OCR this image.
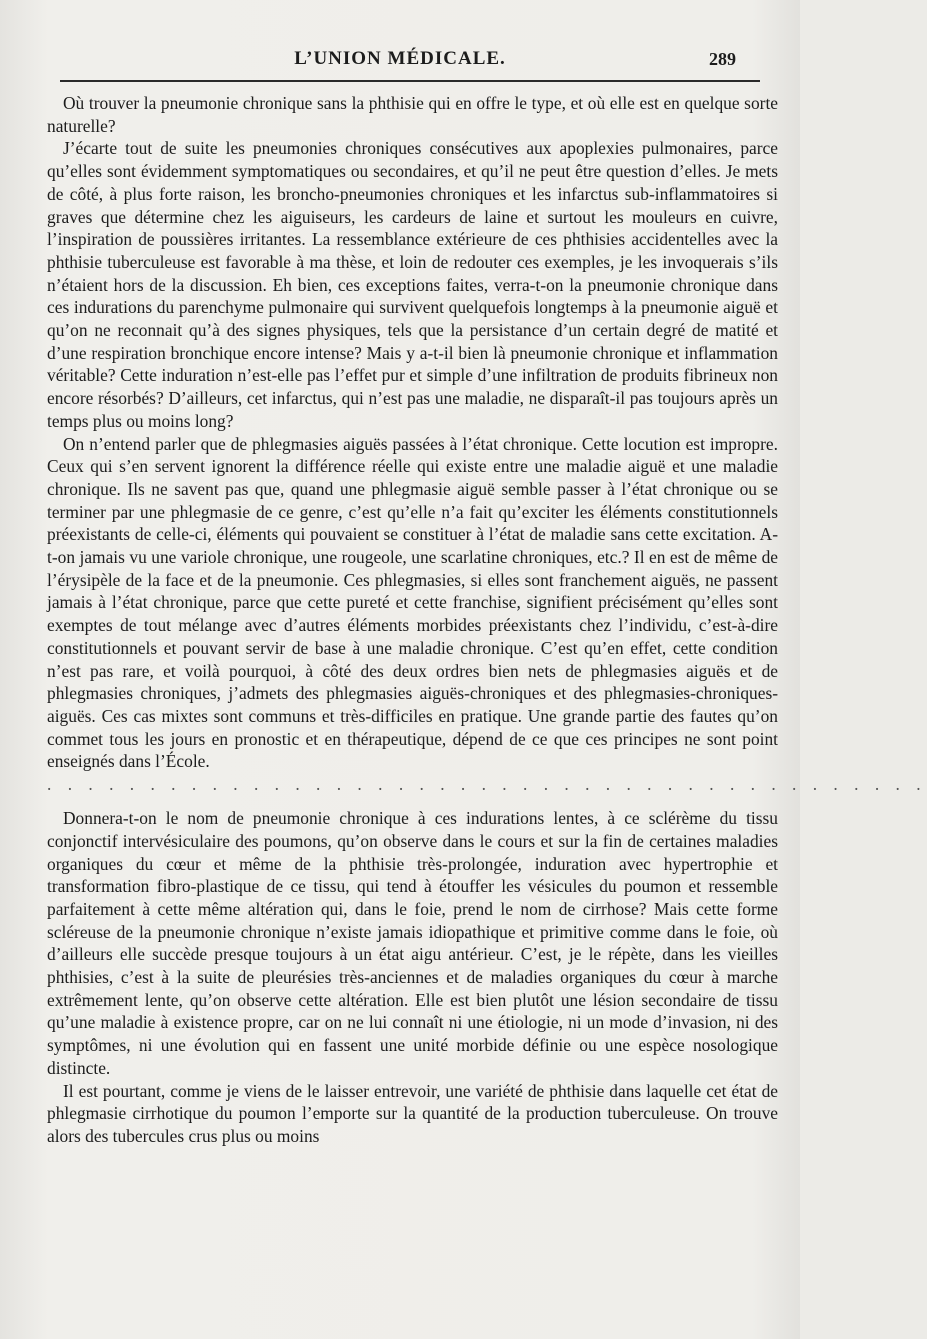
L’UNION MÉDICALE.	289

Où trouver la pneumonie chronique sans la phthisie qui en offre le type, et où elle est en quelque sorte naturelle?

J’écarte tout de suite les pneumonies chroniques consécutives aux apoplexies pulmonaires, parce qu’elles sont évidemment symptomatiques ou secondaires, et qu’il ne peut être question d’elles. Je mets de côté, à plus forte raison, les broncho-pneumonies chroniques et les infarctus sub-inflammatoires si graves que détermine chez les aiguiseurs, les cardeurs de laine et surtout les mouleurs en cuivre, l’inspiration de poussières irritantes. La ressemblance extérieure de ces phthisies accidentelles avec la phthisie tuberculeuse est favorable à ma thèse, et loin de redouter ces exemples, je les invoquerais s’ils n’étaient hors de la discussion. Eh bien, ces exceptions faites, verra-t-on la pneumonie chronique dans ces indurations du parenchyme pulmonaire qui survivent quelquefois longtemps à la pneumonie aiguë et qu’on ne reconnait qu’à des signes physiques, tels que la persistance d’un certain degré de matité et d’une respiration bronchique encore intense? Mais y a-t-il bien là pneumonie chronique et inflammation véritable? Cette induration n’est-elle pas l’effet pur et simple d’une infiltration de produits fibrineux non encore résorbés? D’ailleurs, cet infarctus, qui n’est pas une maladie, ne disparaît-il pas toujours après un temps plus ou moins long?

On n’entend parler que de phlegmasies aiguës passées à l’état chronique. Cette locution est impropre. Ceux qui s’en servent ignorent la différence réelle qui existe entre une maladie aiguë et une maladie chronique. Ils ne savent pas que, quand une phlegmasie aiguë semble passer à l’état chronique ou se terminer par une phlegmasie de ce genre, c’est qu’elle n’a fait qu’exciter les éléments constitutionnels préexistants de celle-ci, éléments qui pouvaient se constituer à l’état de maladie sans cette excitation. A-t-on jamais vu une variole chronique, une rougeole, une scarlatine chroniques, etc.? Il en est de même de l’érysipèle de la face et de la pneumonie. Ces phlegmasies, si elles sont franchement aiguës, ne passent jamais à l’état chronique, parce que cette pureté et cette franchise, signifient précisément qu’elles sont exemptes de tout mélange avec d’autres éléments morbides préexistants chez l’individu, c’est-à-dire constitutionnels et pouvant servir de base à une maladie chronique. C’est qu’en effet, cette condition n’est pas rare, et voilà pourquoi, à côté des deux ordres bien nets de phlegmasies aiguës et de phlegmasies chroniques, j’admets des phlegmasies aiguës-chroniques et des phlegmasies-chroniques-aiguës. Ces cas mixtes sont communs et très-difficiles en pratique. Une grande partie des fautes qu’on commet tous les jours en pronostic et en thérapeutique, dépend de ce que ces principes ne sont point enseignés dans l’École.

. . . . . . . . . . . . . . . . . . . . . . . . . . . . . . . . . . . . . . . . . . .

Donnera-t-on le nom de pneumonie chronique à ces indurations lentes, à ce sclérème du tissu conjonctif intervésiculaire des poumons, qu’on observe dans le cours et sur la fin de certaines maladies organiques du cœur et même de la phthisie très-prolongée, induration avec hypertrophie et transformation fibro-plastique de ce tissu, qui tend à étouffer les vésicules du poumon et ressemble parfaitement à cette même altération qui, dans le foie, prend le nom de cirrhose? Mais cette forme scléreuse de la pneumonie chronique n’existe jamais idiopathique et primitive comme dans le foie, où d’ailleurs elle succède presque toujours à un état aigu antérieur. C’est, je le répète, dans les vieilles phthisies, c’est à la suite de pleurésies très-anciennes et de maladies organiques du cœur à marche extrêmement lente, qu’on observe cette altération. Elle est bien plutôt une lésion secondaire de tissu qu’une maladie à existence propre, car on ne lui connaît ni une étiologie, ni un mode d’invasion, ni des symptômes, ni une évolution qui en fassent une unité morbide définie ou une espèce nosologique distincte.

Il est pourtant, comme je viens de le laisser entrevoir, une variété de phthisie dans laquelle cet état de phlegmasie cirrhotique du poumon l’emporte sur la quantité de la production tuberculeuse. On trouve alors des tubercules crus plus ou moins
